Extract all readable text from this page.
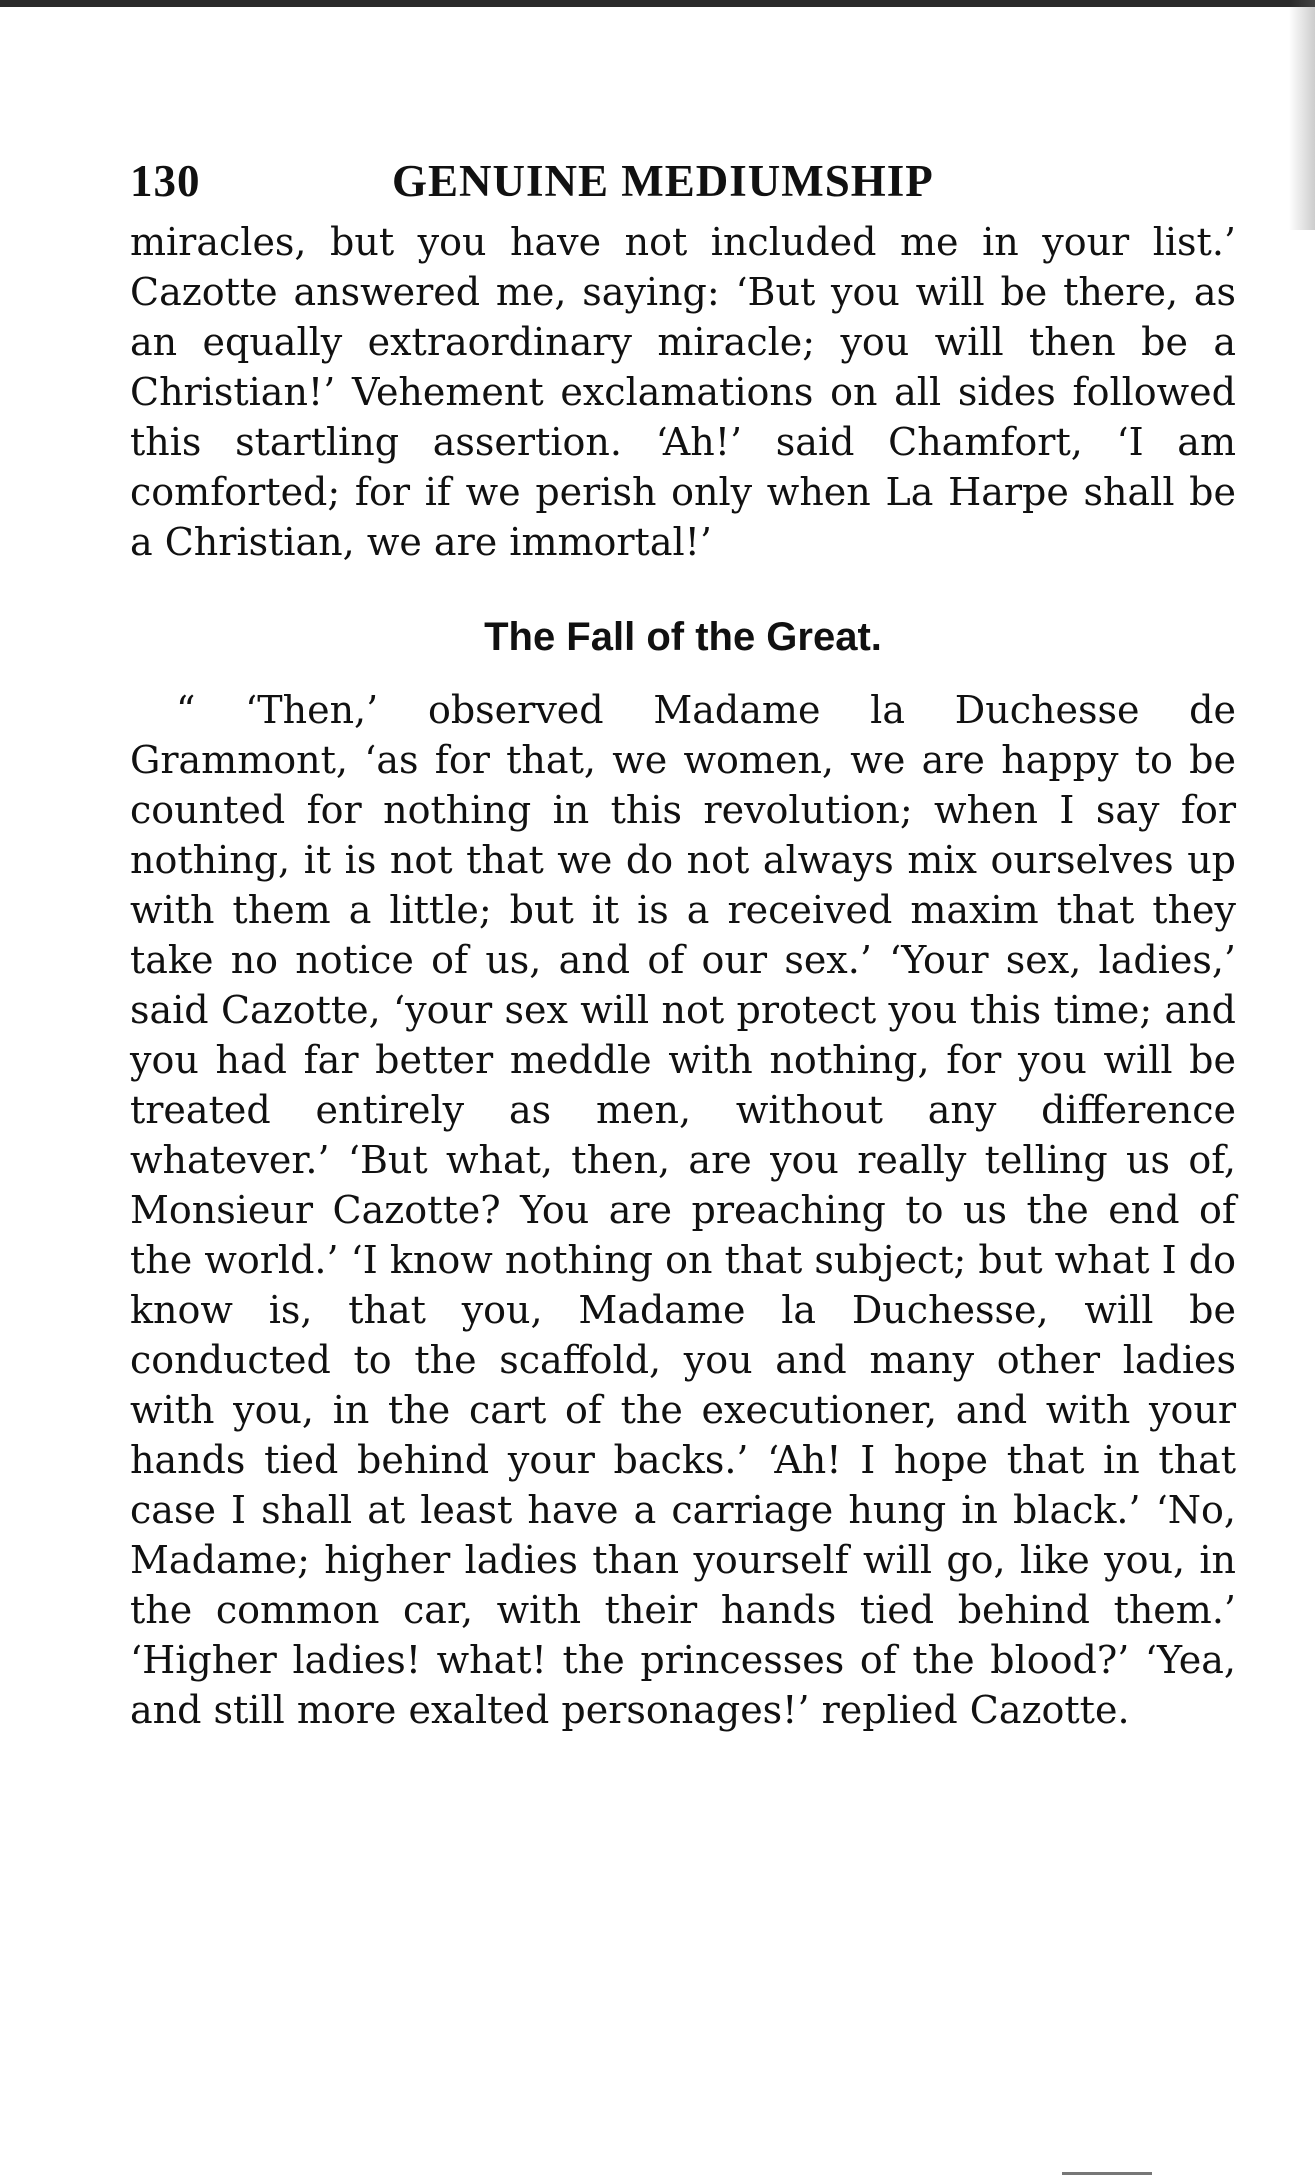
130	GENUINE MEDIUMSHIP

miracles, but you have not included me in your list.’ Cazotte answered me, saying: ‘But you will be there, as an equally extraordinary miracle; you will then be a Christian!’ Vehement exclamations on all sides followed this startling assertion. ‘Ah!’ said Chamfort, ‘I am comforted; for if we perish only when La Harpe shall be a Christian, we are immortal!’

The Fall of the Great.

“ ‘Then,’ observed Madame la Duchesse de Grammont, ‘as for that, we women, we are happy to be counted for nothing in this revolution; when I say for nothing, it is not that we do not always mix ourselves up with them a little; but it is a received maxim that they take no notice of us, and of our sex.’ ‘Your sex, ladies,’ said Cazotte, ‘your sex will not protect you this time; and you had far better meddle with nothing, for you will be treated entirely as men, without any difference whatever.’ ‘But what, then, are you really telling us of, Monsieur Cazotte? You are preaching to us the end of the world.’ ‘I know nothing on that subject; but what I do know is, that you, Madame la Duchesse, will be conducted to the scaffold, you and many other ladies with you, in the cart of the executioner, and with your hands tied behind your backs.’ ‘Ah! I hope that in that case I shall at least have a carriage hung in black.’ ‘No, Madame; higher ladies than yourself will go, like you, in the common car, with their hands tied behind them.’ ‘Higher ladies! what! the princesses of the blood?’ ‘Yea, and still more exalted personages!’ replied Cazotte.
